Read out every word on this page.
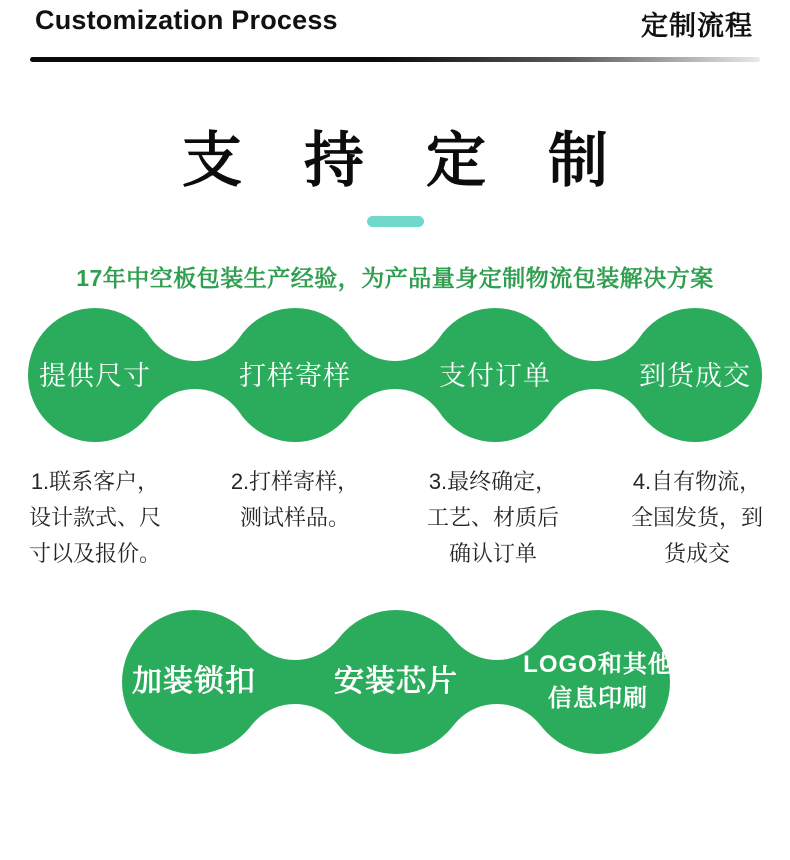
Customization Process	定制流程
支持定制
17年中空板包装生产经验，为产品量身定制物流包装解决方案
提供尺寸	打样寄样	支付订单	到货成交
1.联系客户，
设计款式、尺
寸以及报价。
2.打样寄样，
测试样品。
3.最终确定，
工艺、材质后
确认订单
4.自有物流，
全国发货，到
货成交
加装锁扣	安装芯片
LOGO和其他
信息印刷
